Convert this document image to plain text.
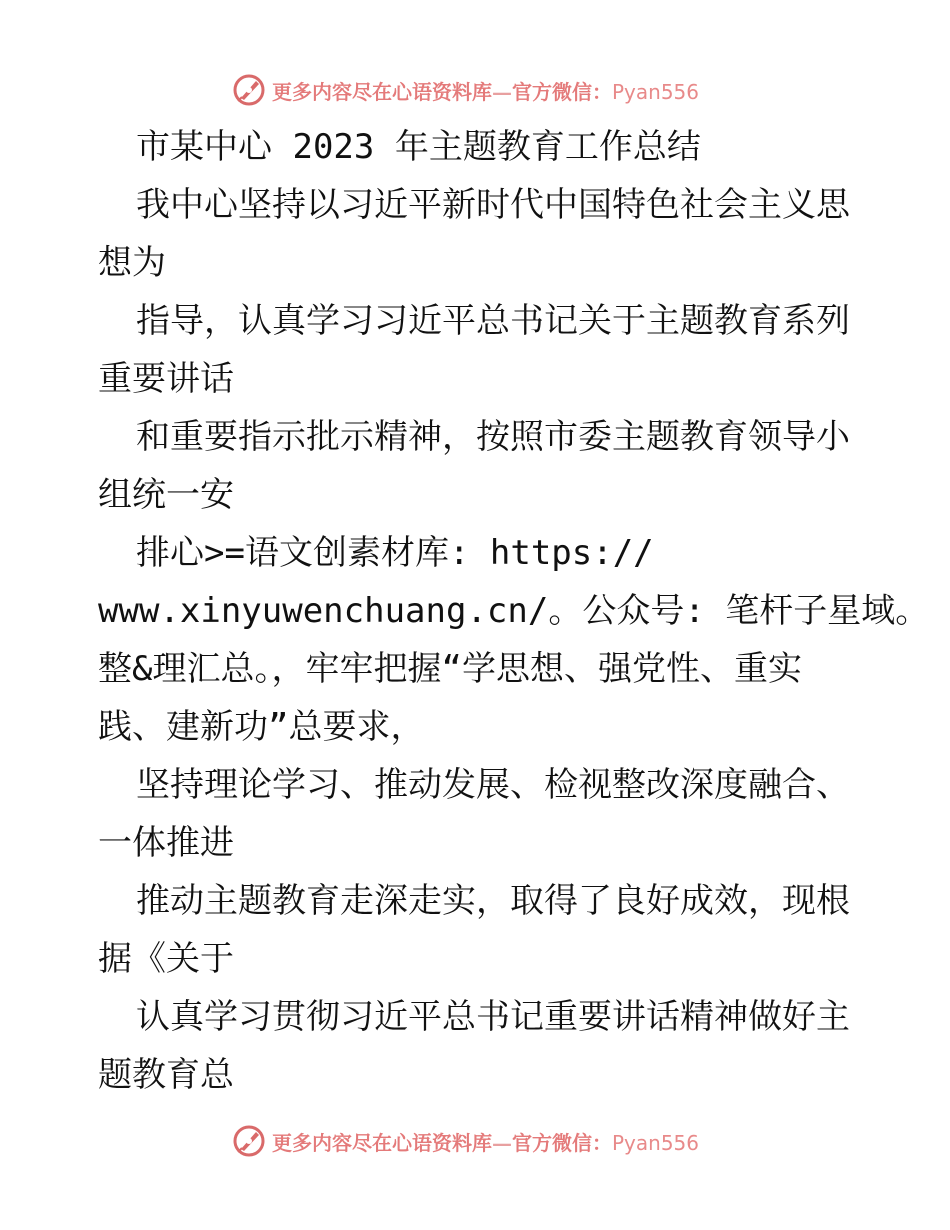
更多内容尽在心语资料库—官方微信：Pyan556
市某中心 2023 年主题教育工作总结
我中心坚持以习近平新时代中国特色社会主义思
想为
指导，认真学习习近平总书记关于主题教育系列
重要讲话
和重要指示批示精神，按照市委主题教育领导小
组统一安
排心>=语文创素材库: https://
www.xinyuwenchuang.cn/。公众号: 笔杆子星域。
整&理汇总。，牢牢把握“学思想、强党性、重实
践、建新功”总要求，
坚持理论学习、推动发展、检视整改深度融合、
一体推进
推动主题教育走深走实，取得了良好成效，现根
据《关于
认真学习贯彻习近平总书记重要讲话精神做好主
题教育总
更多内容尽在心语资料库—官方微信：Pyan556
